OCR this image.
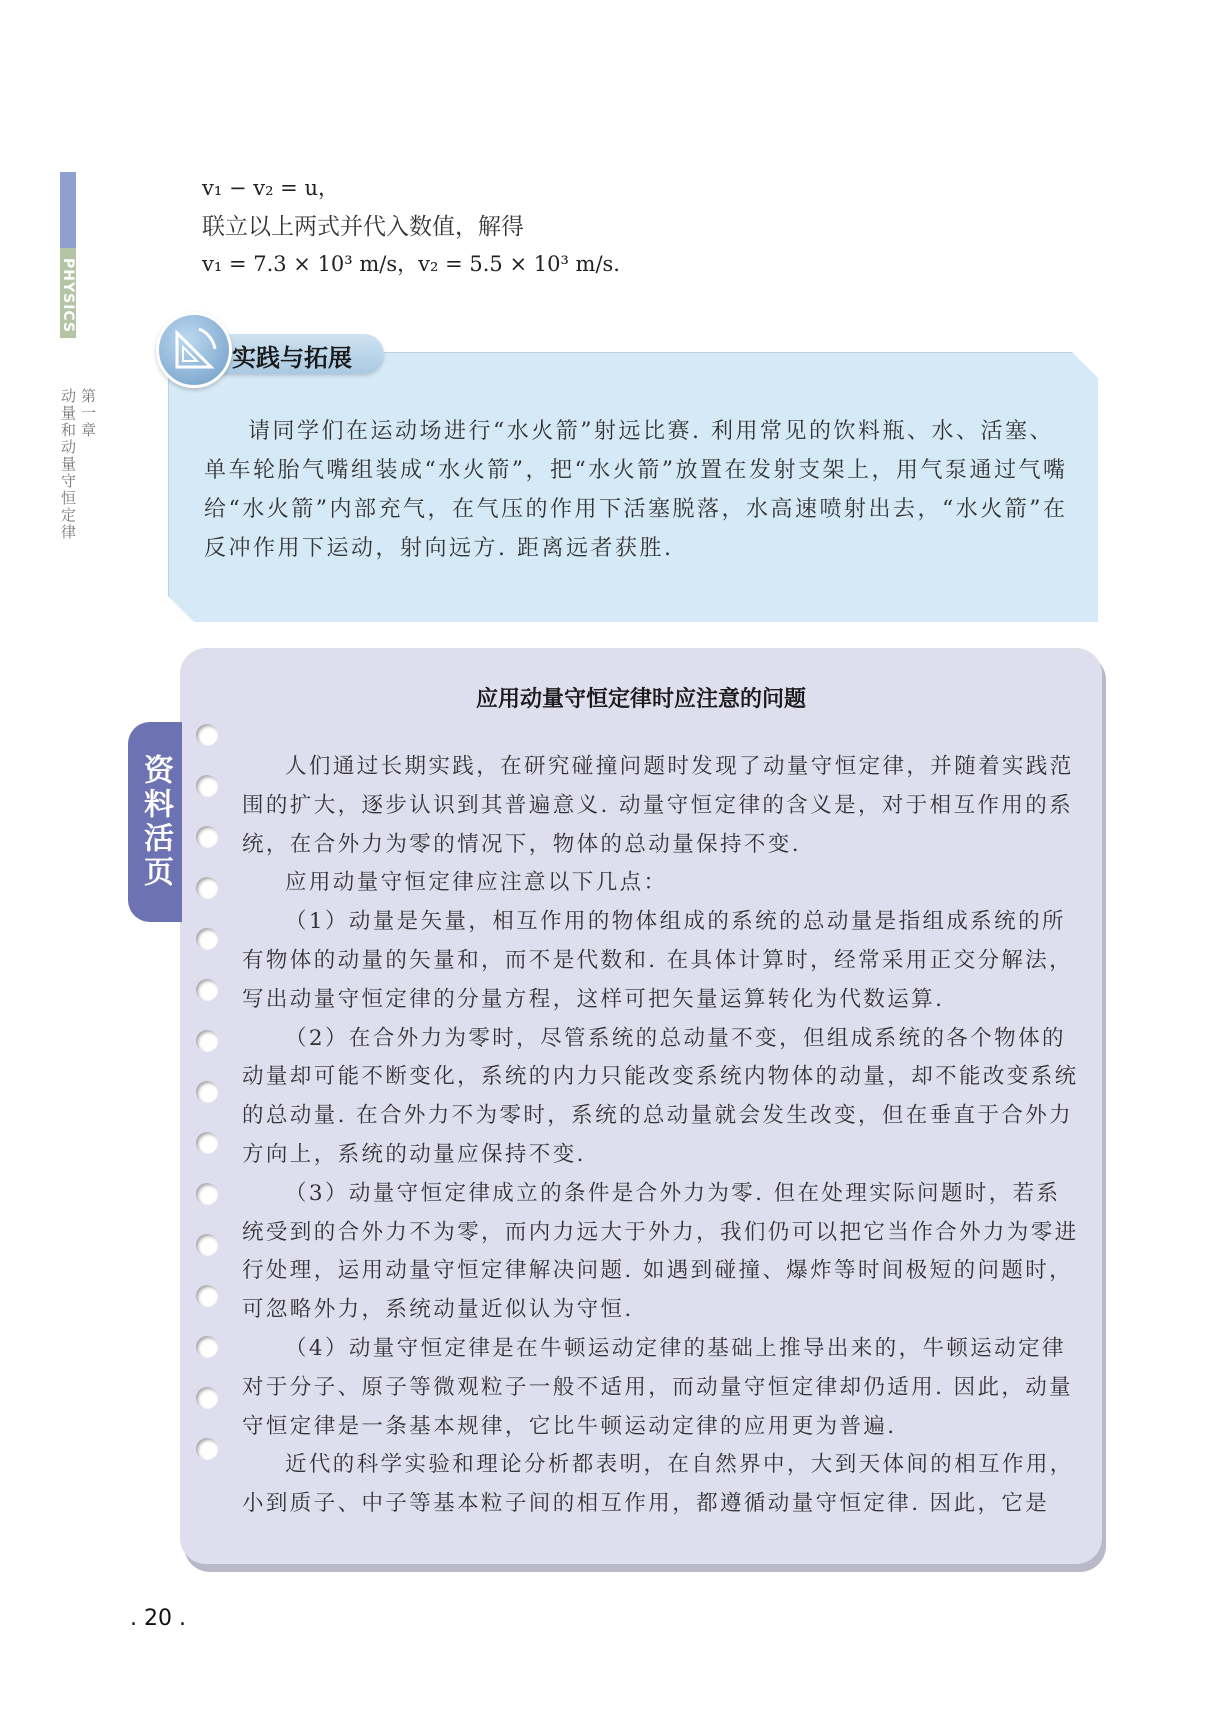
PHYSICS
第一章
动量和动量守恒定律
v₁ − v₂ = u，
联立以上两式并代入数值，解得
v₁ = 7.3 × 10³ m/s，v₂ = 5.5 × 10³ m/s.
实践与拓展

请同学们在运动场进行“水火箭”射远比赛. 利用常见的饮料瓶、水、活塞、单车轮胎气嘴组装成“水火箭”，把“水火箭”放置在发射支架上，用气泵通过气嘴给“水火箭”内部充气，在气压的作用下活塞脱落，水高速喷射出去，“水火箭”在反冲作用下运动，射向远方. 距离远者获胜.

资料活页
应用动量守恒定律时应注意的问题

人们通过长期实践，在研究碰撞问题时发现了动量守恒定律，并随着实践范围的扩大，逐步认识到其普遍意义. 动量守恒定律的含义是，对于相互作用的系统，在合外力为零的情况下，物体的总动量保持不变.

应用动量守恒定律应注意以下几点：

（1）动量是矢量，相互作用的物体组成的系统的总动量是指组成系统的所有物体的动量的矢量和，而不是代数和. 在具体计算时，经常采用正交分解法，写出动量守恒定律的分量方程，这样可把矢量运算转化为代数运算.

（2）在合外力为零时，尽管系统的总动量不变，但组成系统的各个物体的动量却可能不断变化，系统的内力只能改变系统内物体的动量，却不能改变系统的总动量. 在合外力不为零时，系统的总动量就会发生改变，但在垂直于合外力方向上，系统的动量应保持不变.

（3）动量守恒定律成立的条件是合外力为零. 但在处理实际问题时，若系统受到的合外力不为零，而内力远大于外力，我们仍可以把它当作合外力为零进行处理，运用动量守恒定律解决问题. 如遇到碰撞、爆炸等时间极短的问题时，可忽略外力，系统动量近似认为守恒.

（4）动量守恒定律是在牛顿运动定律的基础上推导出来的，牛顿运动定律对于分子、原子等微观粒子一般不适用，而动量守恒定律却仍适用. 因此，动量守恒定律是一条基本规律，它比牛顿运动定律的应用更为普遍.

近代的科学实验和理论分析都表明，在自然界中，大到天体间的相互作用，小到质子、中子等基本粒子间的相互作用，都遵循动量守恒定律. 因此，它是

. 20 .
